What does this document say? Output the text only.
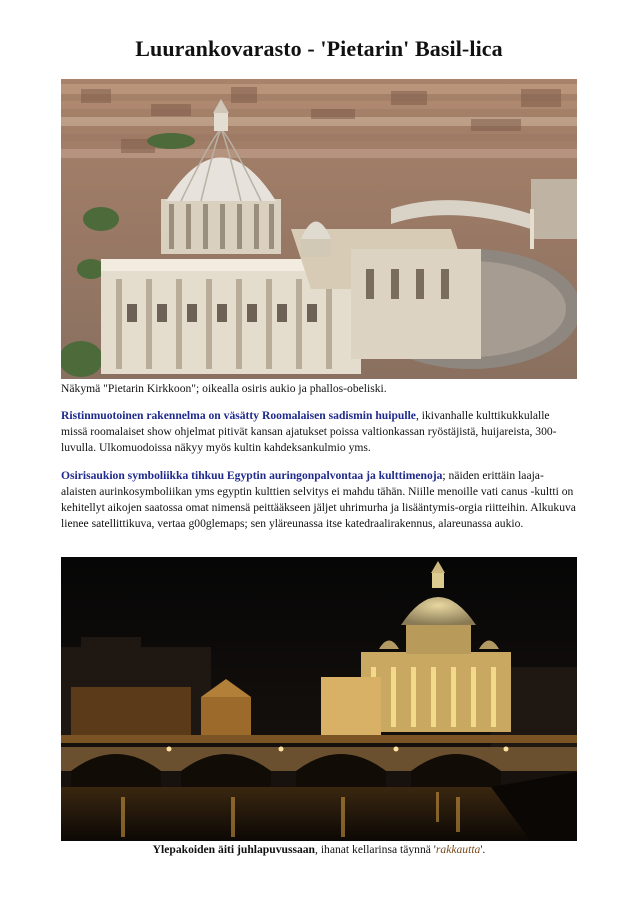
Luurankovarasto - 'Pietarin' Basil-lica
Näkymä "Pietarin Kirkkoon"; oikealla osiris aukio ja phallos-obeliski.
Ristinmuotoinen rakennelma on väsätty Roomalaisen sadismin huipulle, ikivanhalle kulttikukkulalle missä roomalaiset show ohjelmat pitivät kansan ajatukset poissa valtionkassan ryöstäjistä, huijareista, 300-luvulla. Ulkomuodoissa näkyy myös kultin kahdeksankulmio yms.
Osirisaukion symboliikka tihkuu Egyptin auringonpalvontaa ja kulttimenoja; näiden erittäin laaja-alaisten aurinkosymboliikan yms egyptin kulttien selvitys ei mahdu tähän. Niille menoille vati canus -kultti on kehitellyt aikojen saatossa omat nimensä peittääkseen jäljet uhrimurha ja lisääntymis-orgia riitteihin. Alkukuva lienee satellittikuva, vertaa g00glemaps; sen yläreunassa itse katedraalirakennus, alareunassa aukio.
Ylepakoiden äiti juhlapuvussaan, ihanat kellarinsa täynnä 'rakkautta'.
